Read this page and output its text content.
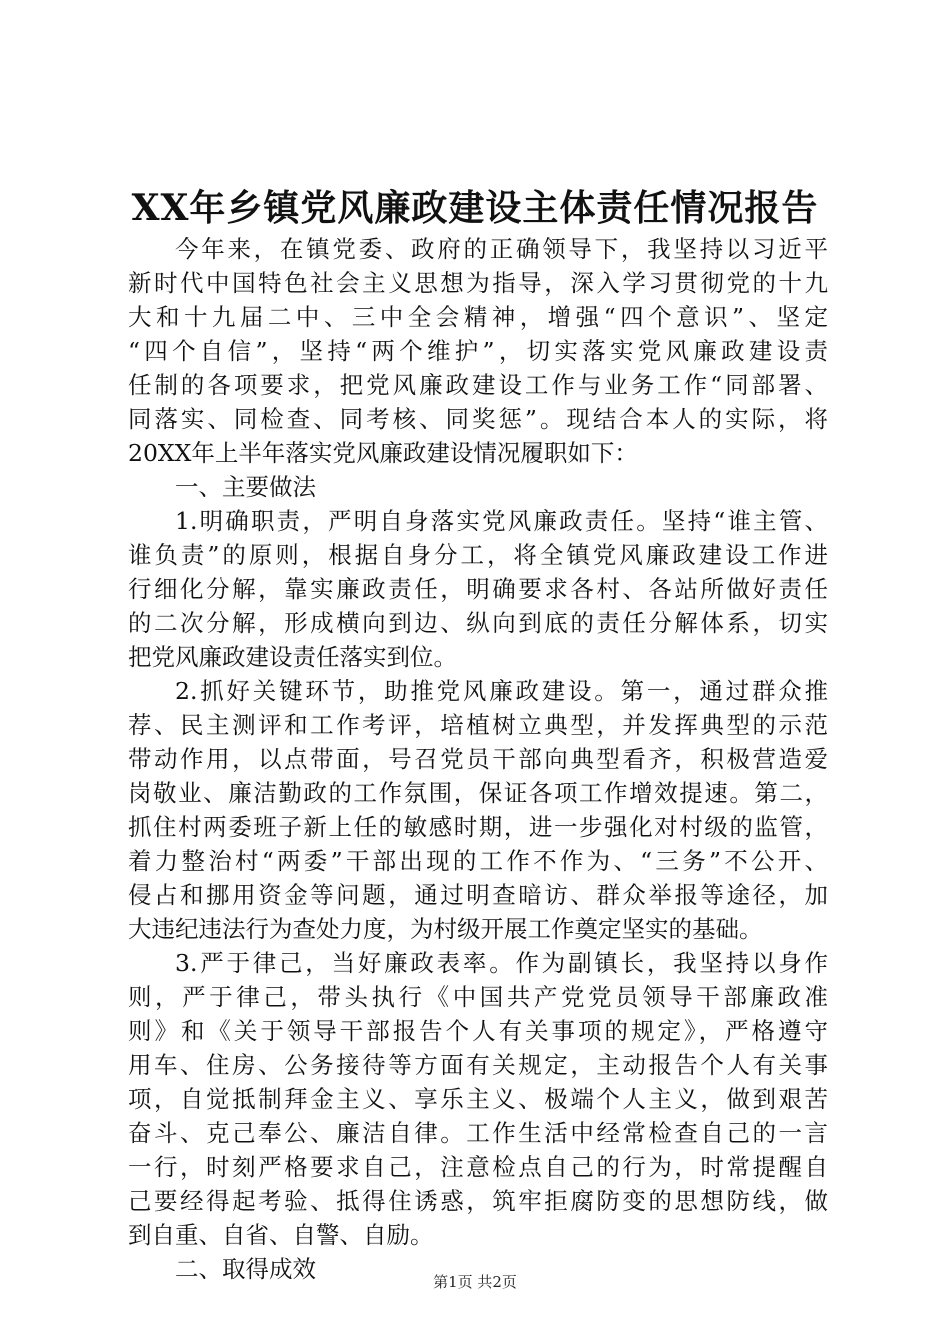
XX年乡镇党风廉政建设主体责任情况报告
今年来，在镇党委、政府的正确领导下，我坚持以习近平
新时代中国特色社会主义思想为指导，深入学习贯彻党的十九
大和十九届二中、三中全会精神，增强“四个意识”、坚定
“四个自信”，坚持“两个维护”，切实落实党风廉政建设责
任制的各项要求，把党风廉政建设工作与业务工作“同部署、
同落实、同检查、同考核、同奖惩”。现结合本人的实际，将
20XX年上半年落实党风廉政建设情况履职如下：
一、主要做法
1.明确职责，严明自身落实党风廉政责任。坚持“谁主管、
谁负责”的原则，根据自身分工，将全镇党风廉政建设工作进
行细化分解，靠实廉政责任，明确要求各村、各站所做好责任
的二次分解，形成横向到边、纵向到底的责任分解体系，切实
把党风廉政建设责任落实到位。
2.抓好关键环节，助推党风廉政建设。第一，通过群众推
荐、民主测评和工作考评，培植树立典型，并发挥典型的示范
带动作用，以点带面，号召党员干部向典型看齐，积极营造爱
岗敬业、廉洁勤政的工作氛围，保证各项工作增效提速。第二，
抓住村两委班子新上任的敏感时期，进一步强化对村级的监管，
着力整治村“两委”干部出现的工作不作为、“三务”不公开、
侵占和挪用资金等问题，通过明查暗访、群众举报等途径，加
大违纪违法行为查处力度，为村级开展工作奠定坚实的基础。
3.严于律己，当好廉政表率。作为副镇长，我坚持以身作
则，严于律己，带头执行《中国共产党党员领导干部廉政准
则》和《关于领导干部报告个人有关事项的规定》，严格遵守
用车、住房、公务接待等方面有关规定，主动报告个人有关事
项，自觉抵制拜金主义、享乐主义、极端个人主义，做到艰苦
奋斗、克己奉公、廉洁自律。工作生活中经常检查自己的一言
一行，时刻严格要求自己，注意检点自己的行为，时常提醒自
己要经得起考验、抵得住诱惑，筑牢拒腐防变的思想防线，做
到自重、自省、自警、自励。
二、取得成效	第1页 共2页
